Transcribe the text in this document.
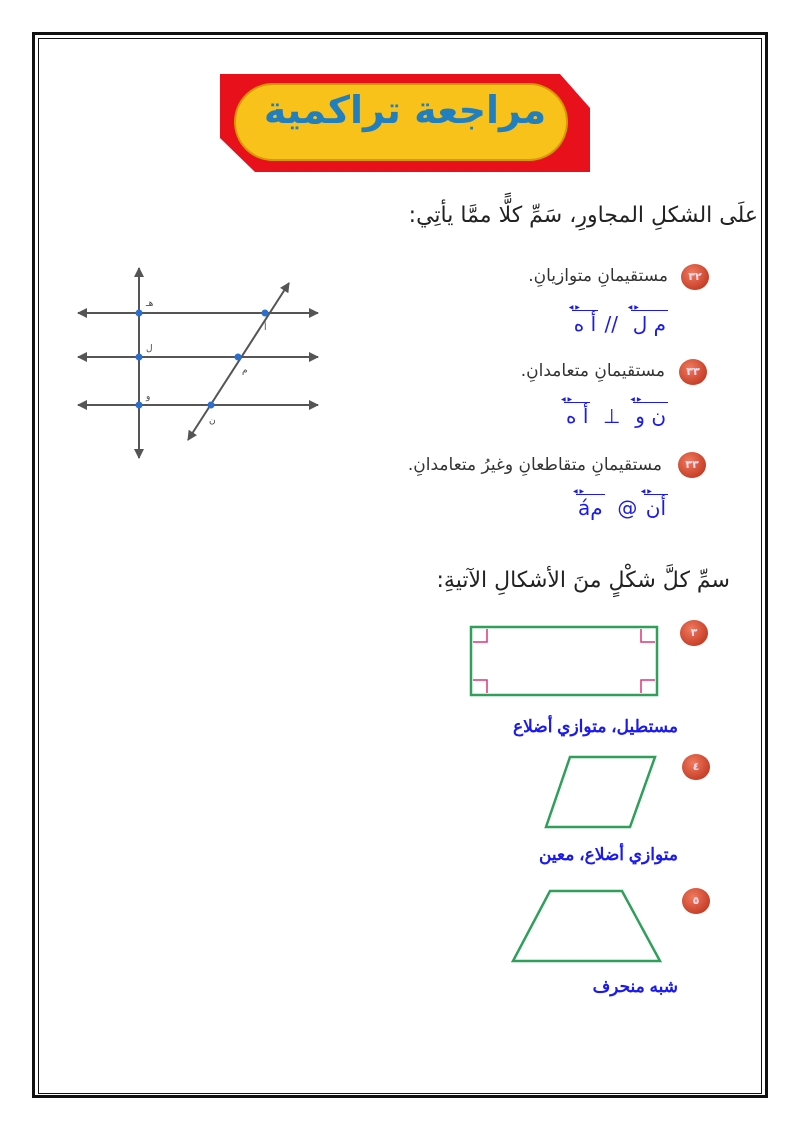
مراجعة تراكمية
علَى الشكلِ المجاورِ، سَمِّ كلًّا ممَّا يأتِي:
هـ
أ
ل
م
و
ن
٣٢
مستقيمانِ متوازيانِ.
م ل ◀ ▶  // أ ه ◀ ▶
٣٣
مستقيمانِ متعامدانِ.
ن و ◀ ▶  ⊥  أ ه ◀ ▶
٣٣
مستقيمانِ متقاطعانِ وغيرُ متعامدانِ.
أن ◀ ▶ @  مá ◀ ▶
سمِّ كلَّ شكْلٍ منَ الأشكالِ الآتيةِ:
٣
مستطيل، متوازي أضلاع
٤
متوازي أضلاع، معين
٥
شبه منحرف
